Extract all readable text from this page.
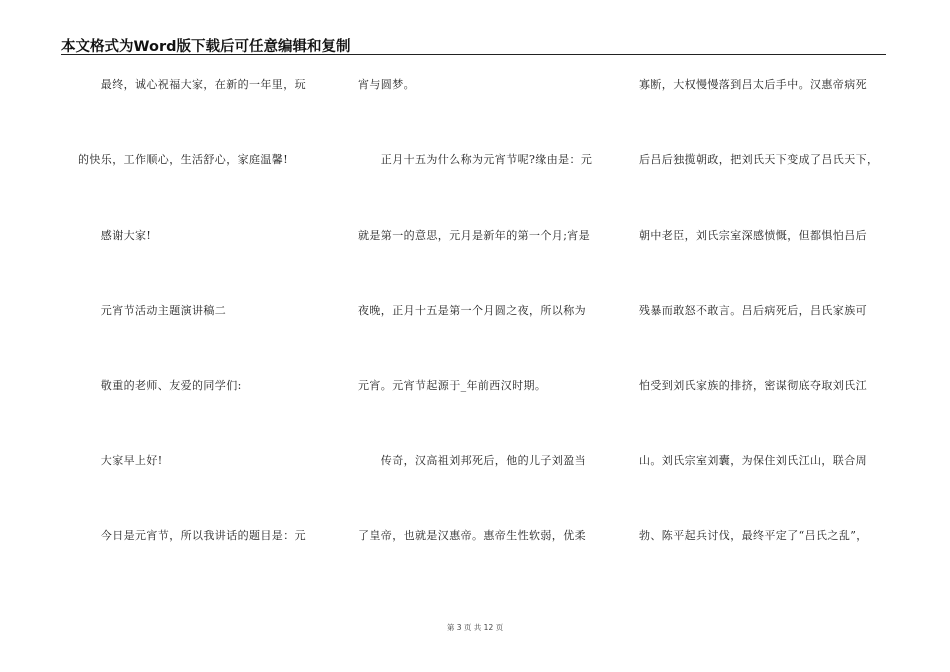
本文格式为Word版下载后可任意编辑和复制
　　最终，诚心祝福大家，在新的一年里，玩
的快乐，工作顺心，生活舒心，家庭温馨!
　　感谢大家!
　　元宵节活动主题演讲稿二
　　敬重的老师、友爱的同学们:
　　大家早上好!
　　今日是元宵节，所以我讲话的题目是：元
宵与圆梦。
　　正月十五为什么称为元宵节呢?缘由是：元
就是第一的意思，元月是新年的第一个月;宵是
夜晚，正月十五是第一个月圆之夜，所以称为
元宵。元宵节起源于_年前西汉时期。
　　传奇，汉高祖刘邦死后，他的儿子刘盈当
了皇帝，也就是汉惠帝。惠帝生性软弱，优柔
寡断，大权慢慢落到吕太后手中。汉惠帝病死
后吕后独揽朝政，把刘氏天下变成了吕氏天下，
朝中老臣，刘氏宗室深感愤慨，但都惧怕吕后
残暴而敢怒不敢言。吕后病死后，吕氏家族可
怕受到刘氏家族的排挤，密谋彻底夺取刘氏江
山。刘氏宗室刘囊，为保住刘氏江山，联合周
勃、陈平起兵讨伐，最终平定了“吕氏之乱”，
第 3 页 共 12 页
